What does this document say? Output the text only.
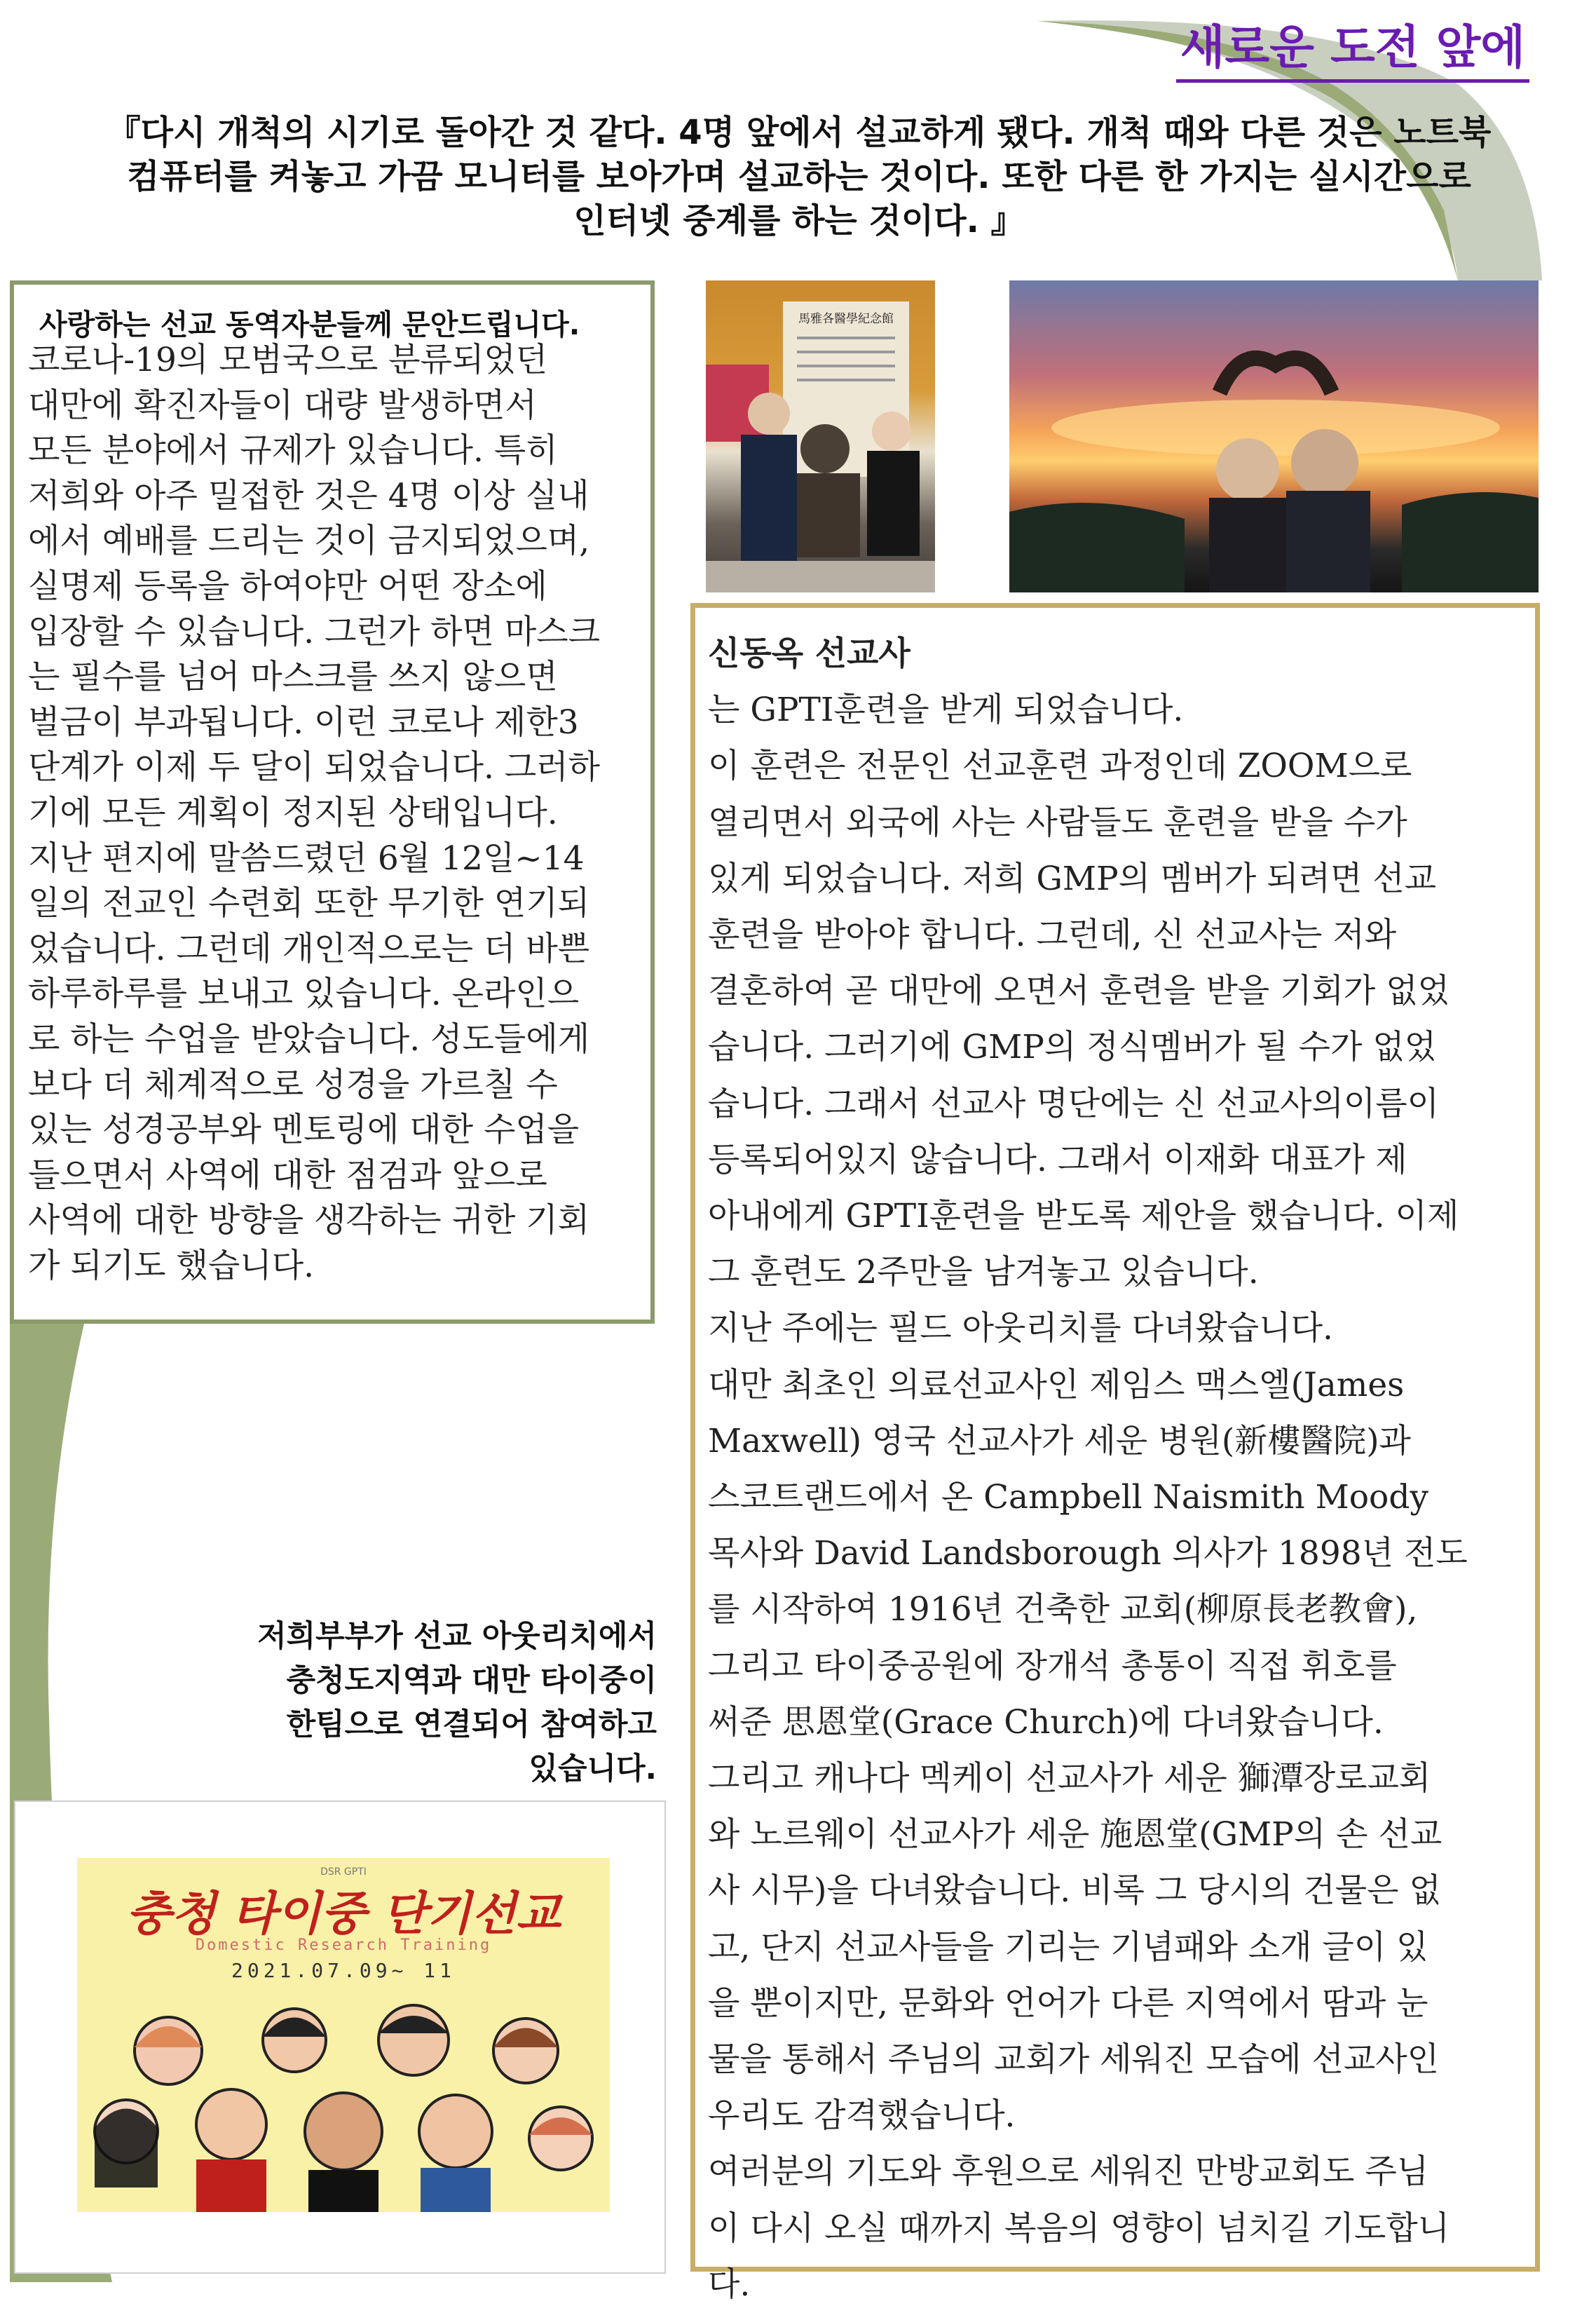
새로운 도전 앞에
『다시 개척의 시기로 돌아간 것 같다. 4명 앞에서 설교하게 됐다. 개척 때와 다른 것은 노트북
컴퓨터를 켜놓고 가끔 모니터를 보아가며 설교하는 것이다. 또한 다른 한 가지는 실시간으로
인터넷 중계를 하는 것이다. 』
사랑하는 선교 동역자분들께 문안드립니다.
코로나-19의 모범국으로 분류되었던
대만에 확진자들이 대량 발생하면서
모든 분야에서 규제가 있습니다. 특히
저희와 아주 밀접한 것은 4명 이상 실내
에서 예배를 드리는 것이 금지되었으며,
실명제 등록을 하여야만 어떤 장소에
입장할 수 있습니다. 그런가 하면 마스크
는 필수를 넘어 마스크를 쓰지 않으면
벌금이 부과됩니다. 이런 코로나 제한3
단계가 이제 두 달이 되었습니다. 그러하
기에 모든 계획이 정지된 상태입니다.
지난 편지에 말씀드렸던 6월 12일~14
일의 전교인 수련회 또한 무기한 연기되
었습니다. 그런데 개인적으로는 더 바쁜
하루하루를 보내고 있습니다. 온라인으
로 하는 수업을 받았습니다. 성도들에게
보다 더 체계적으로 성경을 가르칠 수
있는 성경공부와 멘토링에 대한 수업을
들으면서 사역에 대한 점검과 앞으로
사역에 대한 방향을 생각하는 귀한 기회
가 되기도 했습니다.
馬雅各醫學紀念館
신동옥 선교사
는 GPTI훈련을 받게 되었습니다.
이 훈련은 전문인 선교훈련 과정인데 ZOOM으로
열리면서 외국에 사는 사람들도 훈련을 받을 수가
있게 되었습니다. 저희 GMP의 멤버가 되려면 선교
훈련을 받아야 합니다. 그런데, 신 선교사는 저와
결혼하여 곧 대만에 오면서 훈련을 받을 기회가 없었
습니다. 그러기에 GMP의 정식멤버가 될 수가 없었
습니다. 그래서 선교사 명단에는 신 선교사의이름이
등록되어있지 않습니다. 그래서 이재화 대표가 제
아내에게 GPTI훈련을 받도록 제안을 했습니다. 이제
그 훈련도 2주만을 남겨놓고 있습니다.
지난 주에는 필드 아웃리치를 다녀왔습니다.
대만 최초인 의료선교사인 제임스 맥스엘(James
Maxwell) 영국 선교사가 세운 병원(新樓醫院)과
스코트랜드에서 온 Campbell Naismith Moody
목사와 David Landsborough 의사가 1898년 전도
를 시작하여 1916년 건축한 교회(柳原長老教會),
그리고 타이중공원에 장개석 총통이 직접 휘호를
써준 思恩堂(Grace Church)에 다녀왔습니다.
그리고 캐나다 멕케이 선교사가 세운 獅潭장로교회
와 노르웨이 선교사가 세운 施恩堂(GMP의 손 선교
사 시무)을 다녀왔습니다. 비록 그 당시의 건물은 없
고, 단지 선교사들을 기리는 기념패와 소개 글이 있
을 뿐이지만, 문화와 언어가 다른 지역에서 땀과 눈
물을 통해서 주님의 교회가 세워진 모습에 선교사인
우리도 감격했습니다.
여러분의 기도와 후원으로 세워진 만방교회도 주님
이 다시 오실 때까지 복음의 영향이 넘치길 기도합니
다.
저희부부가 선교 아웃리치에서
충청도지역과 대만 타이중이
한팀으로 연결되어 참여하고
있습니다.
DSR GPTI
충청 타이중 단기선교
Domestic Research Training
2021.07.09~ 11
